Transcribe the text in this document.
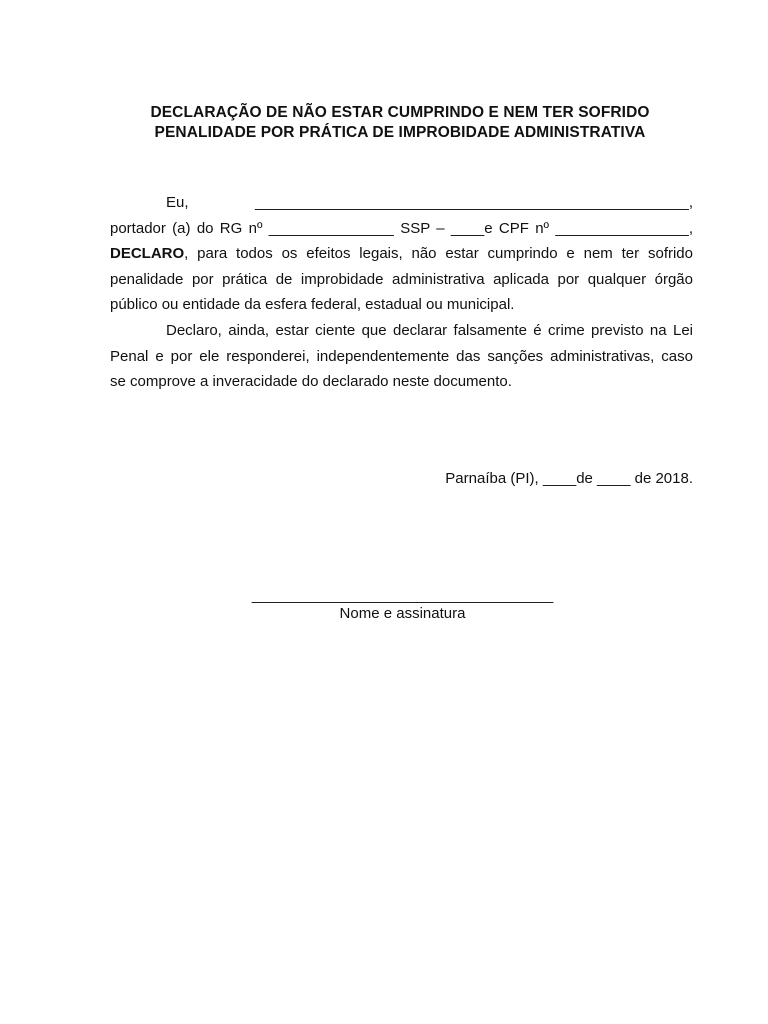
DECLARAÇÃO DE NÃO ESTAR CUMPRINDO E NEM TER SOFRIDO
PENALIDADE POR PRÁTICA DE IMPROBIDADE ADMINISTRATIVA
Eu,	____________________________________________________,
portador (a) do RG nº _______________ SSP – ____e CPF nº ________________,
DECLARO, para todos os efeitos legais, não estar cumprindo e nem ter sofrido
penalidade por prática de improbidade administrativa aplicada por qualquer órgão
público ou entidade da esfera federal, estadual ou municipal.
Declaro, ainda, estar ciente que declarar falsamente é crime previsto na Lei
Penal e por ele responderei, independentemente das sanções administrativas, caso
se comprove a inveracidade do declarado neste documento.
Parnaíba (PI), ____de ____ de 2018.
_____________________________________
Nome e assinatura
